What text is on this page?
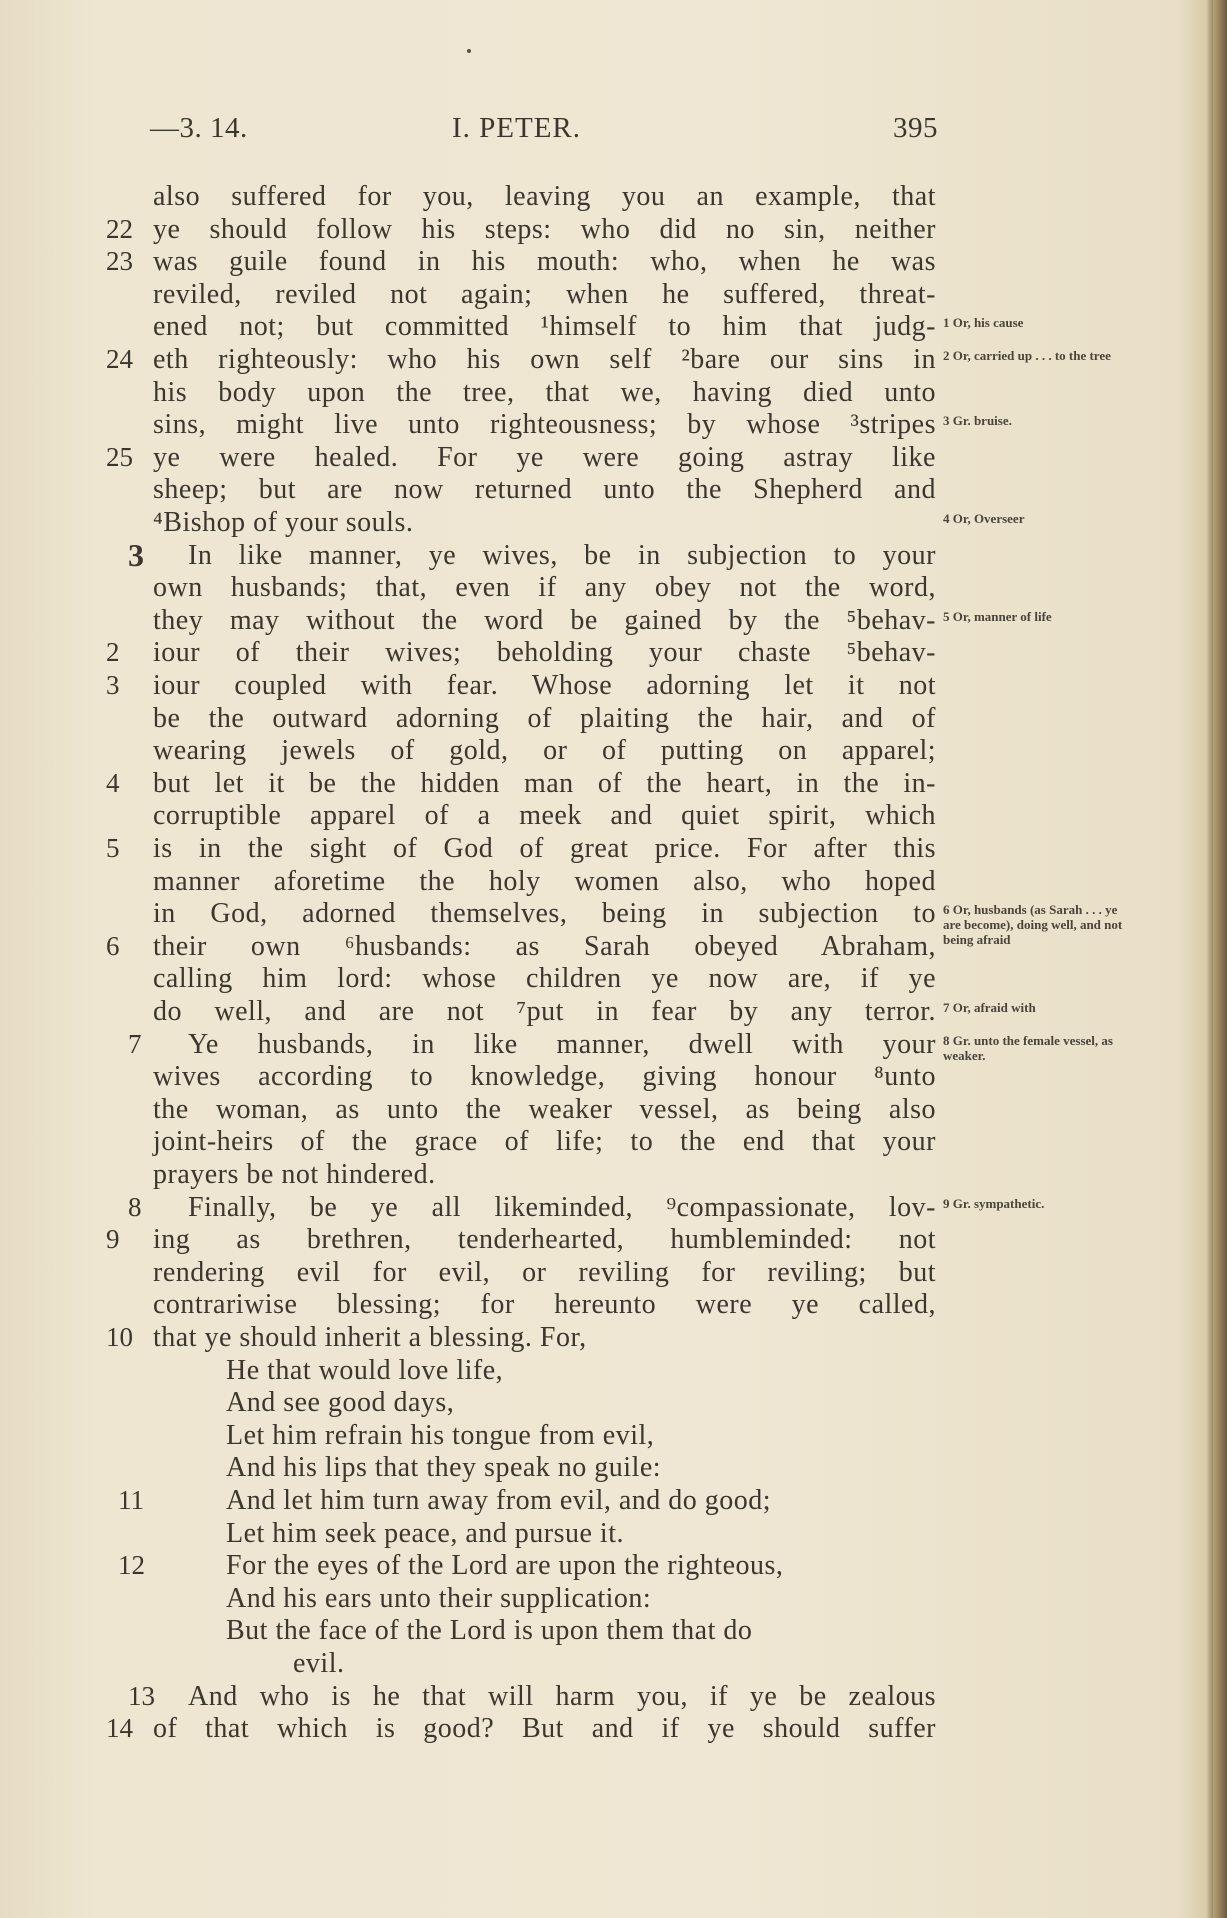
—3. 14.	I. PETER.	395
also suffered for you, leaving you an example, that
22 ye should follow his steps: who did no sin, neither
23 was guile found in his mouth: who, when he was
reviled, reviled not again; when he suffered, threat-
ened not; but committed ¹himself to him that judg- 1 Or, his cause
24 eth righteously: who his own self ²bare our sins in 2 Or, carried up . . . to the tree
his body upon the tree, that we, having died unto
sins, might live unto righteousness; by whose ³stripes 3 Gr. bruise.
25 ye were healed. For ye were going astray like
sheep; but are now returned unto the Shepherd and
⁴Bishop of your souls.	4 Or, Overseer
3	In like manner, ye wives, be in subjection to your
own husbands; that, even if any obey not the word,
they may without the word be gained by the ⁵behav- 5 Or, manner of life
2	iour of their wives; beholding your chaste ⁵behav-
3	iour coupled with fear. Whose adorning let it not
be the outward adorning of plaiting the hair, and of
wearing jewels of gold, or of putting on apparel;
4	but let it be the hidden man of the heart, in the in-
corruptible apparel of a meek and quiet spirit, which
5	is in the sight of God of great price. For after this
manner aforetime the holy women also, who hoped
in God, adorned themselves, being in subjection to 6 Or, husbands (as Sarah . . . ye are become), doing well, and not being afraid
6	their own ⁶husbands: as Sarah obeyed Abraham,
calling him lord: whose children ye now are, if ye
do well, and are not ⁷put in fear by any terror. 7 Or, afraid with
7	Ye husbands, in like manner, dwell with your 8 Gr. unto the female vessel, as weaker.
wives according to knowledge, giving honour ⁸unto
the woman, as unto the weaker vessel, as being also
joint-heirs of the grace of life; to the end that your
prayers be not hindered.
8	Finally, be ye all likeminded, ⁹compassionate, lov- 9 Gr. sympathetic.
9	ing as brethren, tenderhearted, humbleminded: not
rendering evil for evil, or reviling for reviling; but
contrariwise blessing; for hereunto were ye called,
10 that ye should inherit a blessing. For,
He that would love life,
And see good days,
Let him refrain his tongue from evil,
And his lips that they speak no guile:
11	And let him turn away from evil, and do good;
Let him seek peace, and pursue it.
12	For the eyes of the Lord are upon the righteous,
And his ears unto their supplication:
But the face of the Lord is upon them that do
evil.
13	And who is he that will harm you, if ye be zealous
14 of that which is good? But and if ye should suffer
